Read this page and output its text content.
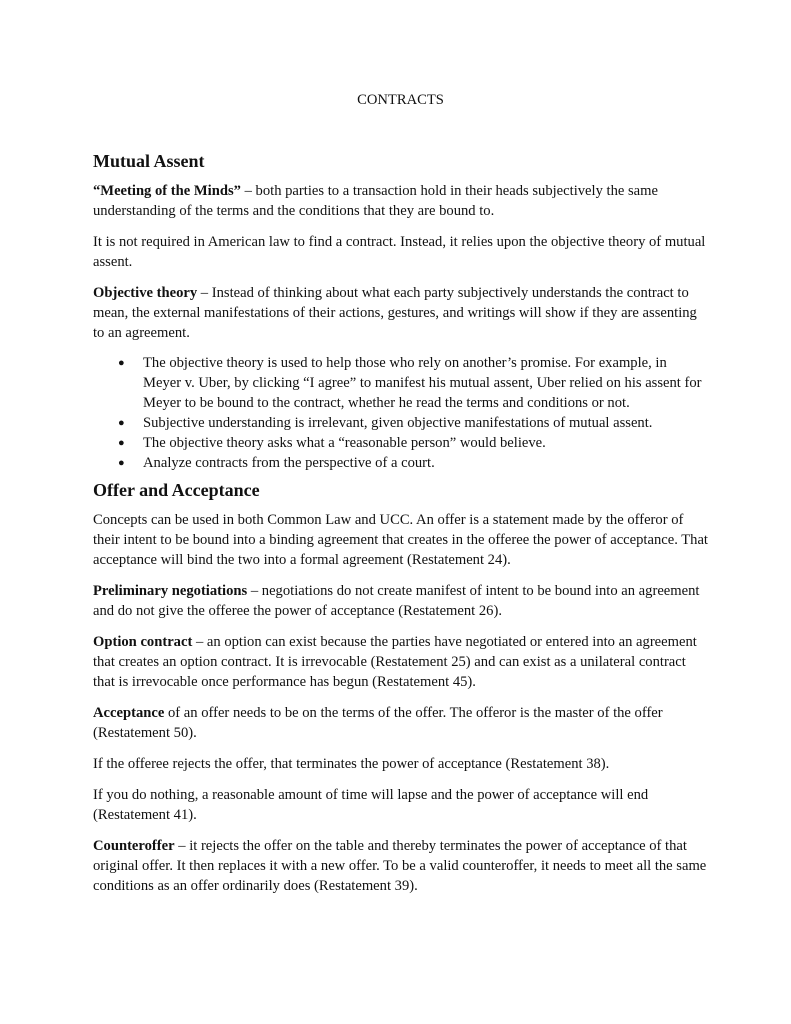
CONTRACTS

Mutual Assent

“Meeting of the Minds” – both parties to a transaction hold in their heads subjectively the same understanding of the terms and the conditions that they are bound to.

It is not required in American law to find a contract. Instead, it relies upon the objective theory of mutual assent.

Objective theory – Instead of thinking about what each party subjectively understands the contract to mean, the external manifestations of their actions, gestures, and writings will show if they are assenting to an agreement.

● The objective theory is used to help those who rely on another’s promise. For example, in Meyer v. Uber, by clicking “I agree” to manifest his mutual assent, Uber relied on his assent for Meyer to be bound to the contract, whether he read the terms and conditions or not.
● Subjective understanding is irrelevant, given objective manifestations of mutual assent.
● The objective theory asks what a “reasonable person” would believe.
● Analyze contracts from the perspective of a court.
Offer and Acceptance

Concepts can be used in both Common Law and UCC. An offer is a statement made by the offeror of their intent to be bound into a binding agreement that creates in the offeree the power of acceptance. That acceptance will bind the two into a formal agreement (Restatement 24).

Preliminary negotiations – negotiations do not create manifest of intent to be bound into an agreement and do not give the offeree the power of acceptance (Restatement 26).

Option contract – an option can exist because the parties have negotiated or entered into an agreement that creates an option contract. It is irrevocable (Restatement 25) and can exist as a unilateral contract that is irrevocable once performance has begun (Restatement 45).

Acceptance of an offer needs to be on the terms of the offer. The offeror is the master of the offer (Restatement 50).

If the offeree rejects the offer, that terminates the power of acceptance (Restatement 38).

If you do nothing, a reasonable amount of time will lapse and the power of acceptance will end (Restatement 41).

Counteroffer – it rejects the offer on the table and thereby terminates the power of acceptance of that original offer. It then replaces it with a new offer. To be a valid counteroffer, it needs to meet all the same conditions as an offer ordinarily does (Restatement 39).
